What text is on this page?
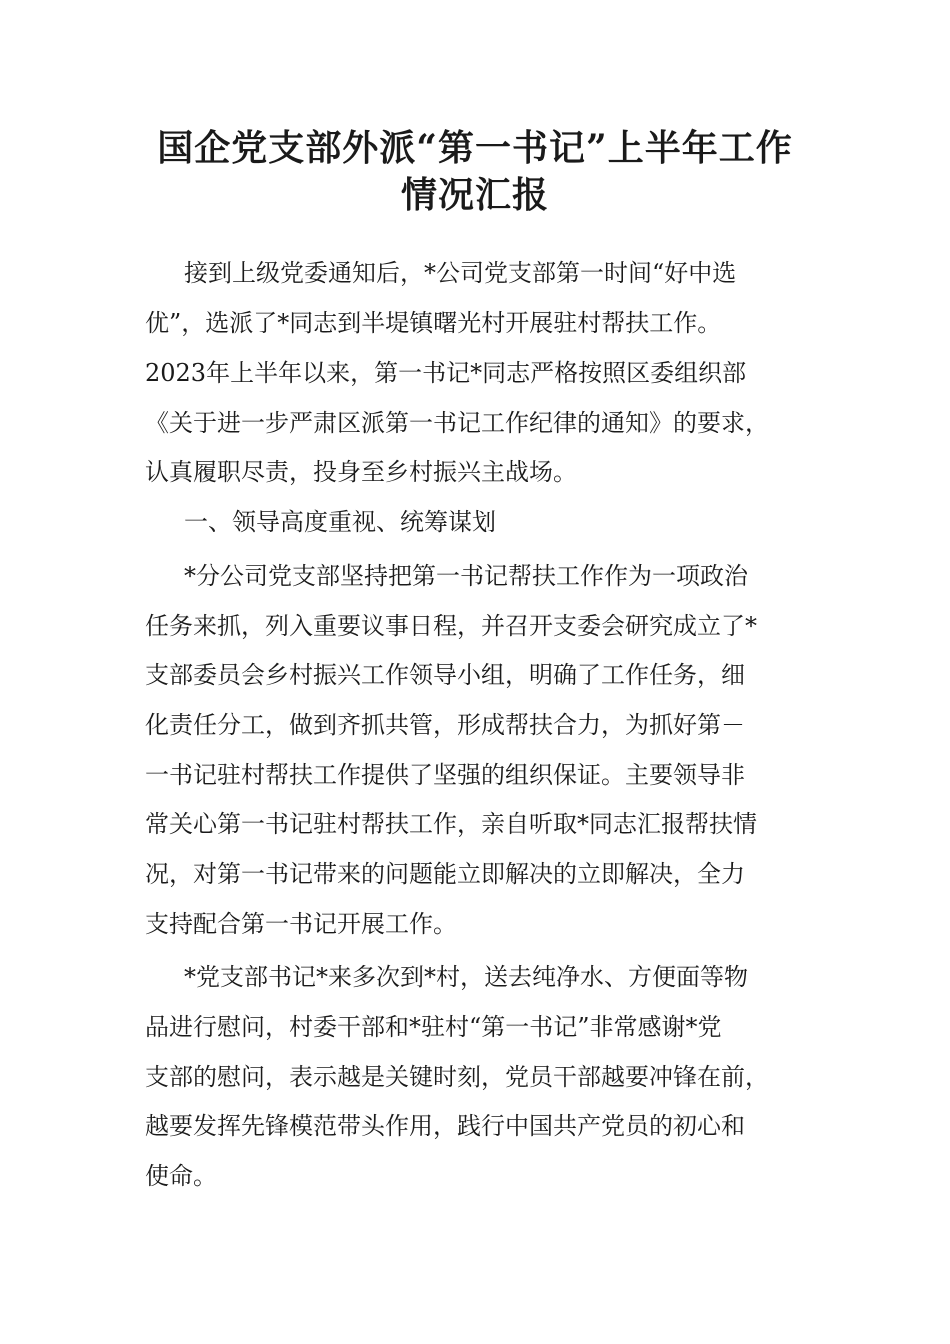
国企党支部外派“第一书记”上半年工作
情况汇报
接到上级党委通知后，*公司党支部第一时间“好中选
优”，选派了*同志到半堤镇曙光村开展驻村帮扶工作。
2023年上半年以来，第一书记*同志严格按照区委组织部
《关于进一步严肃区派第一书记工作纪律的通知》的要求，
认真履职尽责，投身至乡村振兴主战场。
一、领导高度重视、统筹谋划
*分公司党支部坚持把第一书记帮扶工作作为一项政治
任务来抓，列入重要议事日程，并召开支委会研究成立了*
支部委员会乡村振兴工作领导小组，明确了工作任务，细
化责任分工，做到齐抓共管，形成帮扶合力，为抓好第－
一书记驻村帮扶工作提供了坚强的组织保证。主要领导非
常关心第一书记驻村帮扶工作，亲自听取*同志汇报帮扶情
况，对第一书记带来的问题能立即解决的立即解决，全力
支持配合第一书记开展工作。
*党支部书记*来多次到*村，送去纯净水、方便面等物
品进行慰问，村委干部和*驻村“第一书记”非常感谢*党
支部的慰问，表示越是关键时刻，党员干部越要冲锋在前，
越要发挥先锋模范带头作用，践行中国共产党员的初心和
使命。
